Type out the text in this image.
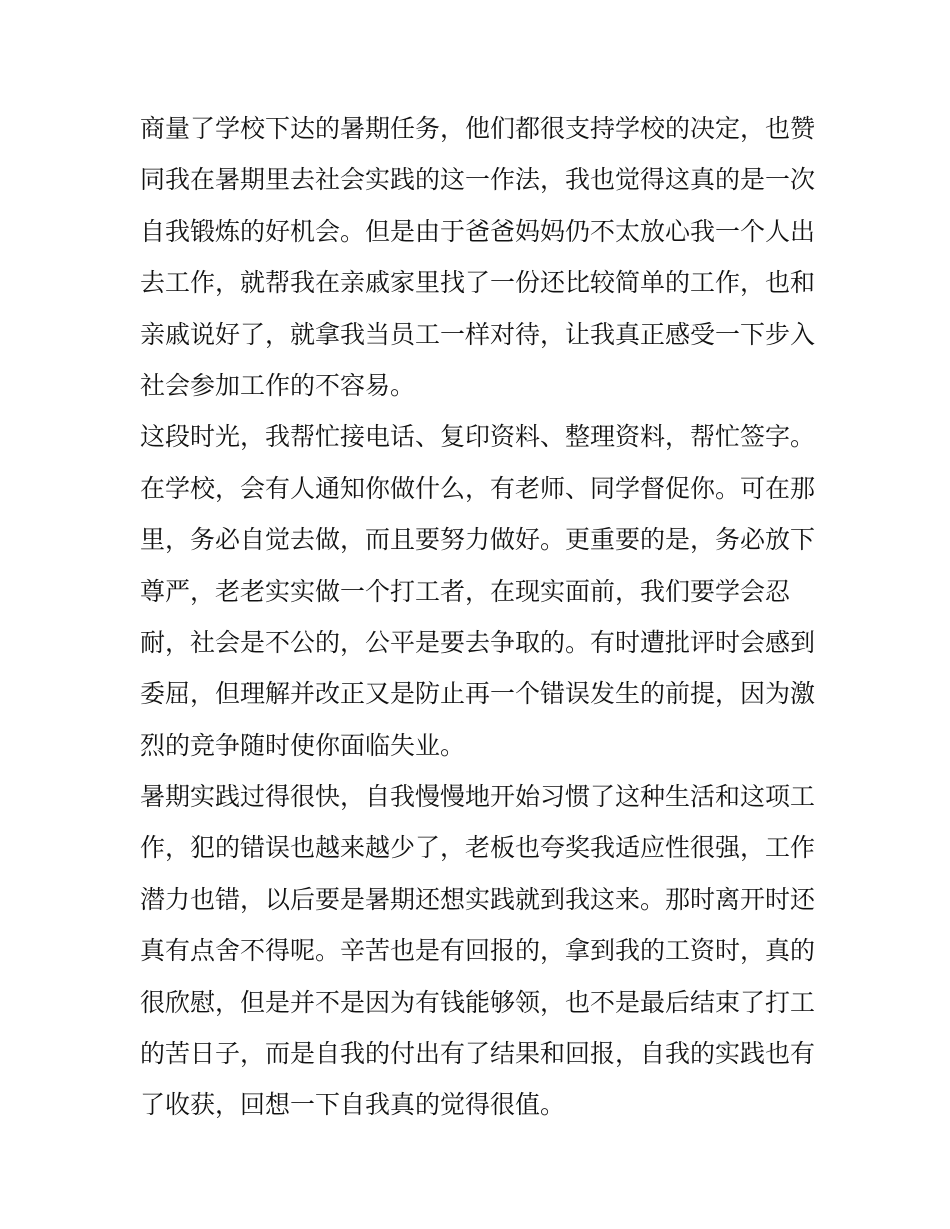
商量了学校下达的暑期任务，他们都很支持学校的决定，也赞
同我在暑期里去社会实践的这一作法，我也觉得这真的是一次
自我锻炼的好机会。但是由于爸爸妈妈仍不太放心我一个人出
去工作，就帮我在亲戚家里找了一份还比较简单的工作，也和
亲戚说好了，就拿我当员工一样对待，让我真正感受一下步入
社会参加工作的不容易。
这段时光，我帮忙接电话、复印资料、整理资料，帮忙签字。
在学校，会有人通知你做什么，有老师、同学督促你。可在那
里，务必自觉去做，而且要努力做好。更重要的是，务必放下
尊严，老老实实做一个打工者，在现实面前，我们要学会忍
耐，社会是不公的，公平是要去争取的。有时遭批评时会感到
委屈，但理解并改正又是防止再一个错误发生的前提，因为激
烈的竞争随时使你面临失业。
暑期实践过得很快，自我慢慢地开始习惯了这种生活和这项工
作，犯的错误也越来越少了，老板也夸奖我适应性很强，工作
潜力也错，以后要是暑期还想实践就到我这来。那时离开时还
真有点舍不得呢。辛苦也是有回报的，拿到我的工资时，真的
很欣慰，但是并不是因为有钱能够领，也不是最后结束了打工
的苦日子，而是自我的付出有了结果和回报，自我的实践也有
了收获，回想一下自我真的觉得很值。
